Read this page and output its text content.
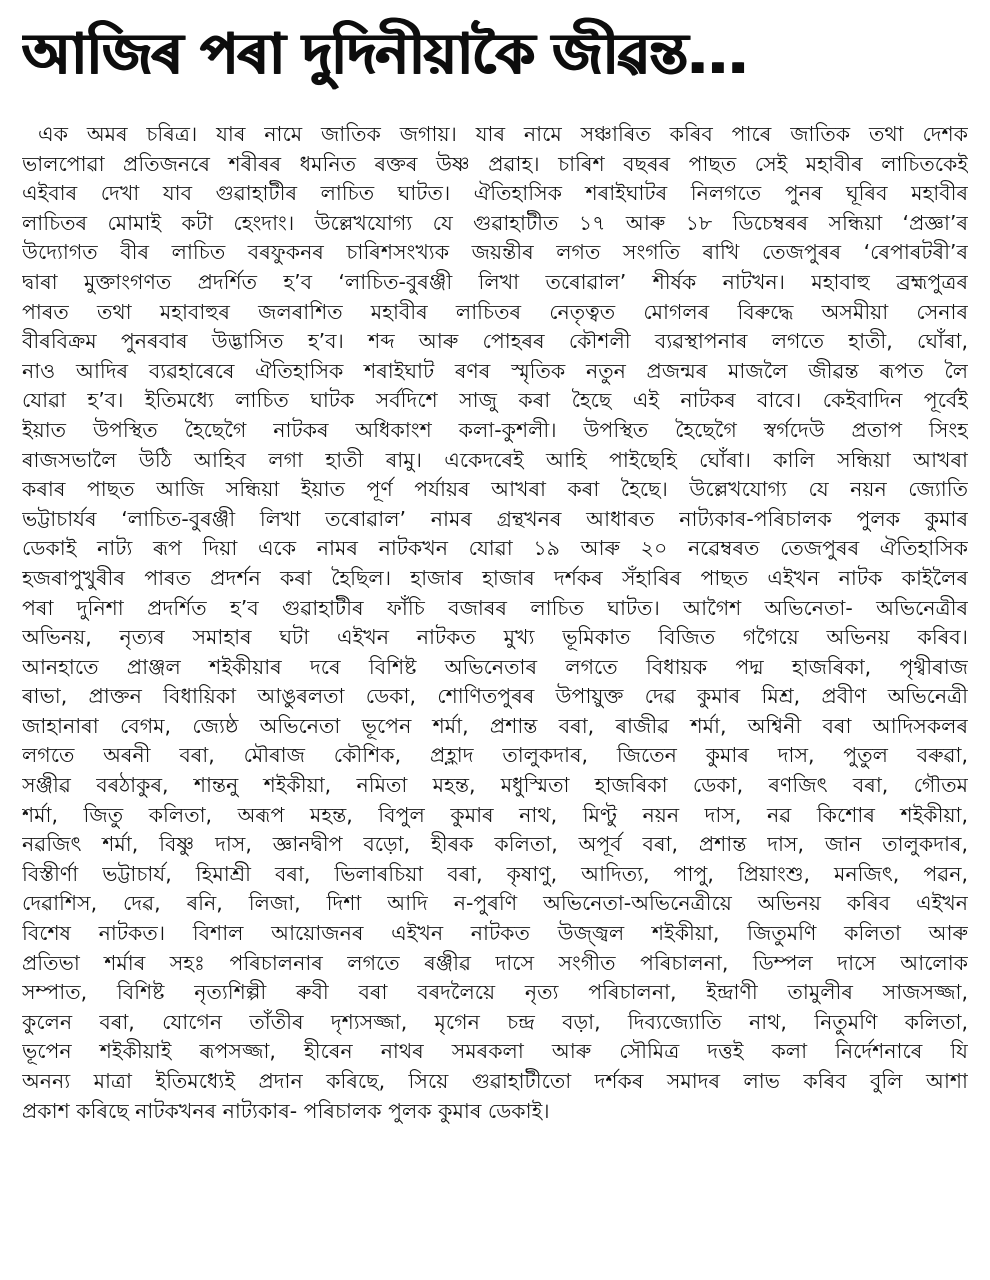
আজিৰ পৰা দুদিনীয়াকৈ জীৱন্ত...
এক অমৰ চৰিত্ৰ। যাৰ নামে জাতিক জগায়। যাৰ নামে সঞ্চাৰিত কৰিব পাৰে জাতিক তথা দেশক
ভালপোৱা প্ৰতিজনৰে শৰীৰৰ ধমনিত ৰক্তৰ উষ্ণ প্ৰৱাহ। চাৰিশ বছৰৰ পাছত সেই মহাবীৰ লাচিতকেই
এইবাৰ দেখা যাব গুৱাহাটীৰ লাচিত ঘাটত। ঐতিহাসিক শৰাইঘাটৰ নিলগতে পুনৰ ঘূৰিব মহাবীৰ
লাচিতৰ মোমাই কটা হেংদাং। উল্লেখযোগ্য যে গুৱাহাটীত ১৭ আৰু ১৮ ডিচেম্বৰৰ সন্ধিয়া ‘প্ৰজ্ঞা’ৰ
উদ্যোগত বীৰ লাচিত বৰফুকনৰ চাৰিশসংখ্যক জয়ন্তীৰ লগত সংগতি ৰাখি তেজপুৰৰ ‘ৰেপাৰটৰী’ৰ
দ্বাৰা মুক্তাংগণত প্ৰদৰ্শিত হ’ব ‘লাচিত-বুৰঞ্জী লিখা তৰোৱাল’ শীৰ্ষক নাটখন। মহাবাহু ব্ৰহ্মপুত্ৰৰ
পাৰত তথা মহাবাহুৰ জলৰাশিত মহাবীৰ লাচিতৰ নেতৃত্বত মোগলৰ বিৰুদ্ধে অসমীয়া সেনাৰ
বীৰবিক্ৰম পুনৰবাৰ উদ্ভাসিত হ’ব। শব্দ আৰু পোহৰৰ কৌশলী ব্যৱস্থাপনাৰ লগতে হাতী, ঘোঁৰা,
নাও আদিৰ ব্যৱহাৰেৰে ঐতিহাসিক শৰাইঘাট ৰণৰ স্মৃতিক নতুন প্ৰজন্মৰ মাজলৈ জীৱন্ত ৰূপত লৈ
যোৱা হ’ব। ইতিমধ্যে লাচিত ঘাটক সৰ্বদিশে সাজু কৰা হৈছে এই নাটকৰ বাবে। কেইবাদিন পূৰ্বেই
ইয়াত উপস্থিত হৈছেগৈ নাটকৰ অধিকাংশ কলা-কুশলী। উপস্থিত হৈছেগৈ স্বৰ্গদেউ প্ৰতাপ সিংহ
ৰাজসভালৈ উঠি আহিব লগা হাতী ৰামু। একেদৰেই আহি পাইছেহি ঘোঁৰা। কালি সন্ধিয়া আখৰা
কৰাৰ পাছত আজি সন্ধিয়া ইয়াত পূৰ্ণ পৰ্যায়ৰ আখৰা কৰা হৈছে। উল্লেখযোগ্য যে নয়ন জ্যোতি
ভট্টাচাৰ্যৰ ‘লাচিত-বুৰঞ্জী লিখা তৰোৱাল’ নামৰ গ্ৰন্থখনৰ আধাৰত নাট্যকাৰ-পৰিচালক পুলক কুমাৰ
ডেকাই নাট্য ৰূপ দিয়া একে নামৰ নাটকখন যোৱা ১৯ আৰু ২০ নৱেম্বৰত তেজপুৰৰ ঐতিহাসিক
হজৰাপুখুৰীৰ পাৰত প্ৰদৰ্শন কৰা হৈছিল। হাজাৰ হাজাৰ দৰ্শকৰ সঁহাৰিৰ পাছত এইখন নাটক কাইলৈৰ
পৰা দুনিশা প্ৰদৰ্শিত হ’ব গুৱাহাটীৰ ফাঁচি বজাৰৰ লাচিত ঘাটত। আগৈশ অভিনেতা- অভিনেত্ৰীৰ
অভিনয়, নৃত্যৰ সমাহাৰ ঘটা এইখন নাটকত মুখ্য ভূমিকাত বিজিত গগৈয়ে অভিনয় কৰিব।
আনহাতে প্ৰাঞ্জল শইকীয়াৰ দৰে বিশিষ্ট অভিনেতাৰ লগতে বিধায়ক পদ্ম হাজৰিকা, পৃথ্বীৰাজ
ৰাভা, প্ৰাক্তন বিধায়িকা আঙুৰলতা ডেকা, শোণিতপুৰৰ উপায়ুক্ত দেৱ কুমাৰ মিশ্ৰ, প্ৰবীণ অভিনেত্ৰী
জাহানাৰা বেগম, জ্যেষ্ঠ অভিনেতা ভূপেন শৰ্মা, প্ৰশান্ত বৰা, ৰাজীৱ শৰ্মা, অশ্বিনী বৰা আদিসকলৰ
লগতে অৰনী বৰা, মৌৰাজ কৌশিক, প্ৰহ্লাদ তালুকদাৰ, জিতেন কুমাৰ দাস, পুতুল বৰুৱা,
সঞ্জীৱ বৰঠাকুৰ, শান্তনু শইকীয়া, নমিতা মহন্ত, মধুস্মিতা হাজৰিকা ডেকা, ৰণজিৎ বৰা, গৌতম
শৰ্মা, জিতু কলিতা, অৰূপ মহন্ত, বিপুল কুমাৰ নাথ, মিণ্টু নয়ন দাস, নৱ কিশোৰ শইকীয়া,
নৱজিৎ শৰ্মা, বিষ্ণু দাস, জ্ঞানদ্বীপ বড়ো, হীৰক কলিতা, অপূৰ্ব বৰা, প্ৰশান্ত দাস, জান তালুকদাৰ,
বিস্তীৰ্ণা ভট্টাচাৰ্য, হিমাশ্ৰী বৰা, ভিলাৰচিয়া বৰা, কৃষাণু, আদিত্য, পাপু, প্ৰিয়াংশু, মনজিৎ, পৱন,
দেৱাশিস, দেৱ, ৰনি, লিজা, দিশা আদি ন-পুৰণি অভিনেতা-অভিনেত্ৰীয়ে অভিনয় কৰিব এইখন
বিশেষ নাটকত। বিশাল আয়োজনৰ এইখন নাটকত উজ্জ্বল শইকীয়া, জিতুমণি কলিতা আৰু
প্ৰতিভা শৰ্মাৰ সহঃ পৰিচালনাৰ লগতে ৰঞ্জীৱ দাসে সংগীত পৰিচালনা, ডিম্পল দাসে আলোক
সম্পাত, বিশিষ্ট নৃত্যশিল্পী ৰুবী বৰা বৰদলৈয়ে নৃত্য পৰিচালনা, ইন্দ্ৰাণী তামুলীৰ সাজসজ্জা,
কুলেন বৰা, যোগেন তাঁতীৰ দৃশ্যসজ্জা, মৃগেন চন্দ্ৰ বড়া, দিব্যজ্যোতি নাথ, নিতুমণি কলিতা,
ভূপেন শইকীয়াই ৰূপসজ্জা, হীৰেন নাথৰ সমৰকলা আৰু সৌমিত্ৰ দত্তই কলা নিৰ্দেশনাৰে যি
অনন্য মাত্ৰা ইতিমধ্যেই প্ৰদান কৰিছে, সিয়ে গুৱাহাটীতো দৰ্শকৰ সমাদৰ লাভ কৰিব বুলি আশা
প্ৰকাশ কৰিছে নাটকখনৰ নাট্যকাৰ- পৰিচালক পুলক কুমাৰ ডেকাই।
